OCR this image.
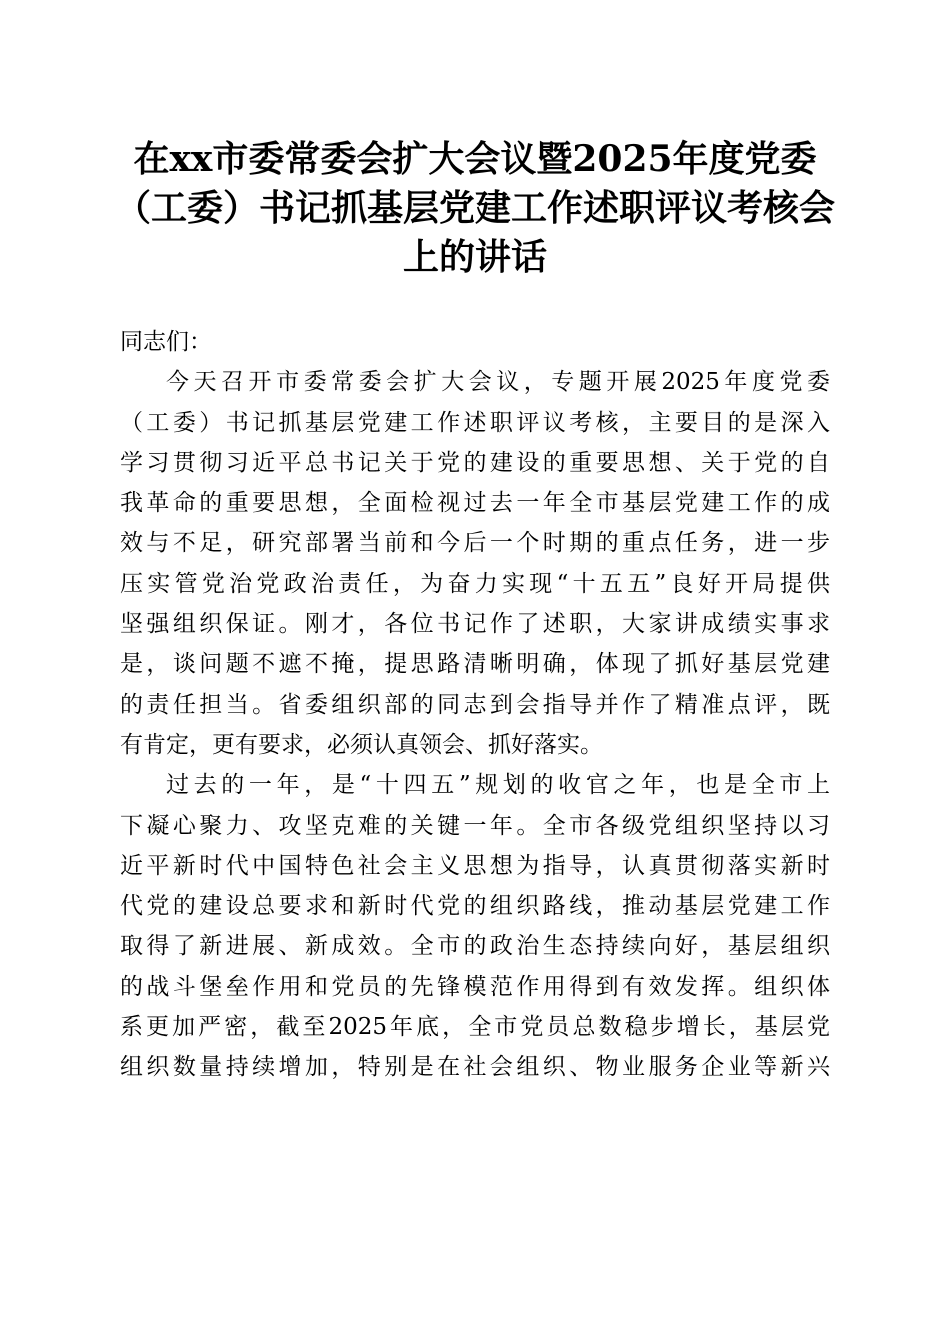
在xx市委常委会扩大会议暨2025年度党委
（工委）书记抓基层党建工作述职评议考核会
上的讲话

同志们：

今天召开市委常委会扩大会议，专题开展2025年度党委
（工委）书记抓基层党建工作述职评议考核，主要目的是深入
学习贯彻习近平总书记关于党的建设的重要思想、关于党的自
我革命的重要思想，全面检视过去一年全市基层党建工作的成
效与不足，研究部署当前和今后一个时期的重点任务，进一步
压实管党治党政治责任，为奋力实现“十五五”良好开局提供
坚强组织保证。刚才，各位书记作了述职，大家讲成绩实事求
是，谈问题不遮不掩，提思路清晰明确，体现了抓好基层党建
的责任担当。省委组织部的同志到会指导并作了精准点评，既
有肯定，更有要求，必须认真领会、抓好落实。

过去的一年，是“十四五”规划的收官之年，也是全市上
下凝心聚力、攻坚克难的关键一年。全市各级党组织坚持以习
近平新时代中国特色社会主义思想为指导，认真贯彻落实新时
代党的建设总要求和新时代党的组织路线，推动基层党建工作
取得了新进展、新成效。全市的政治生态持续向好，基层组织
的战斗堡垒作用和党员的先锋模范作用得到有效发挥。组织体
系更加严密，截至2025年底，全市党员总数稳步增长，基层党
组织数量持续增加，特别是在社会组织、物业服务企业等新兴
